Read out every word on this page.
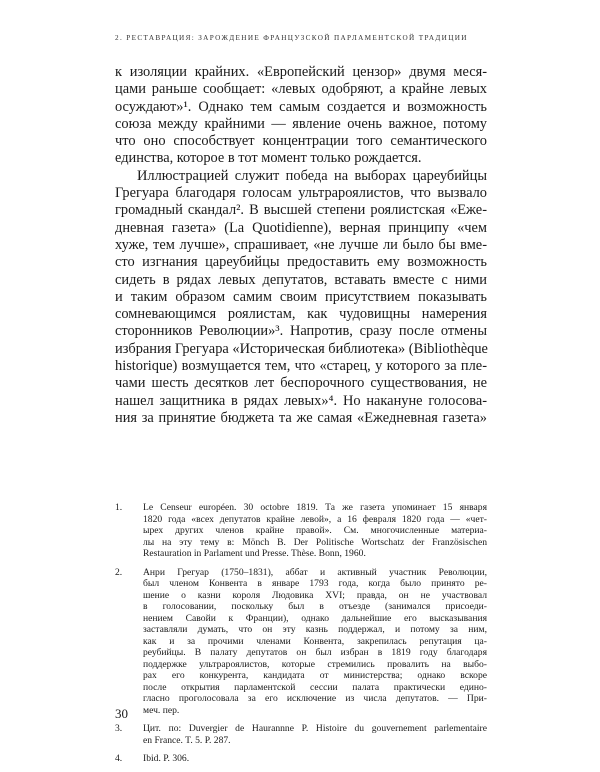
2. РЕСТАВРАЦИЯ: ЗАРОЖДЕНИЕ ФРАНЦУЗСКОЙ ПАРЛАМЕНТСКОЙ ТРАДИЦИИ

к изоляции крайних. «Европейский цензор» двумя меся-
цами раньше сообщает: «левых одобряют, а крайне левых
осуждают»¹. Однако тем самым создается и возможность
союза между крайними — явление очень важное, потому
что оно способствует концентрации того семантического
единства, которое в тот момент только рождается.

Иллюстрацией служит победа на выборах цареубийцы
Грегуара благодаря голосам ультрароялистов, что вызвало
громадный скандал². В высшей степени роялистская «Еже-
дневная газета» (La Quotidienne), верная принципу «чем
хуже, тем лучше», спрашивает, «не лучше ли было бы вме-
сто изгнания цареубийцы предоставить ему возможность
сидеть в рядах левых депутатов, вставать вместе с ними
и таким образом самим своим присутствием показывать
сомневающимся роялистам, как чудовищны намерения
сторонников Революции»³. Напротив, сразу после отмены
избрания Грегуара «Историческая библиотека» (Bibliothèque
historique) возмущается тем, что «старец, у которого за пле-
чами шесть десятков лет беспорочного существования, не
нашел защитника в рядах левых»⁴. Но накануне голосова-
ния за принятие бюджета та же самая «Ежедневная газета»

1. Le Censeur européen. 30 octobre 1819. Та же газета упоминает 15 января
1820 года «всех депутатов крайне левой», а 16 февраля 1820 года — «чет-
ырех других членов крайне правой». См. многочисленные материа-
лы на эту тему в: Mönch B. Der Politische Wortschatz der Französischen
Restauration in Parlament und Presse. Thèse. Bonn, 1960.
2. Анри Грегуар (1750–1831), аббат и активный участник Революции,
был членом Конвента в январе 1793 года, когда было принято ре-
шение о казни короля Людовика XVI; правда, он не участвовал
в голосовании, поскольку был в отъезде (занимался присоеди-
нением Савойи к Франции), однако дальнейшие его высказывания
заставляли думать, что он эту казнь поддержал, и потому за ним,
как и за прочими членами Конвента, закрепилась репутация ца-
реубийцы. В палату депутатов он был избран в 1819 году благодаря
поддержке ультрароялистов, которые стремились провалить на выбо-
рах его конкурента, кандидата от министерства; однако вскоре
после открытия парламентской сессии палата практически едино-
гласно проголосовала за его исключение из числа депутатов. — При-
меч. пер.
3. Цит. по: Duvergier de Haurannne P. Histoire du gouvernement parlementaire
en France. T. 5. P. 287.
4. Ibid. P. 306.
30
